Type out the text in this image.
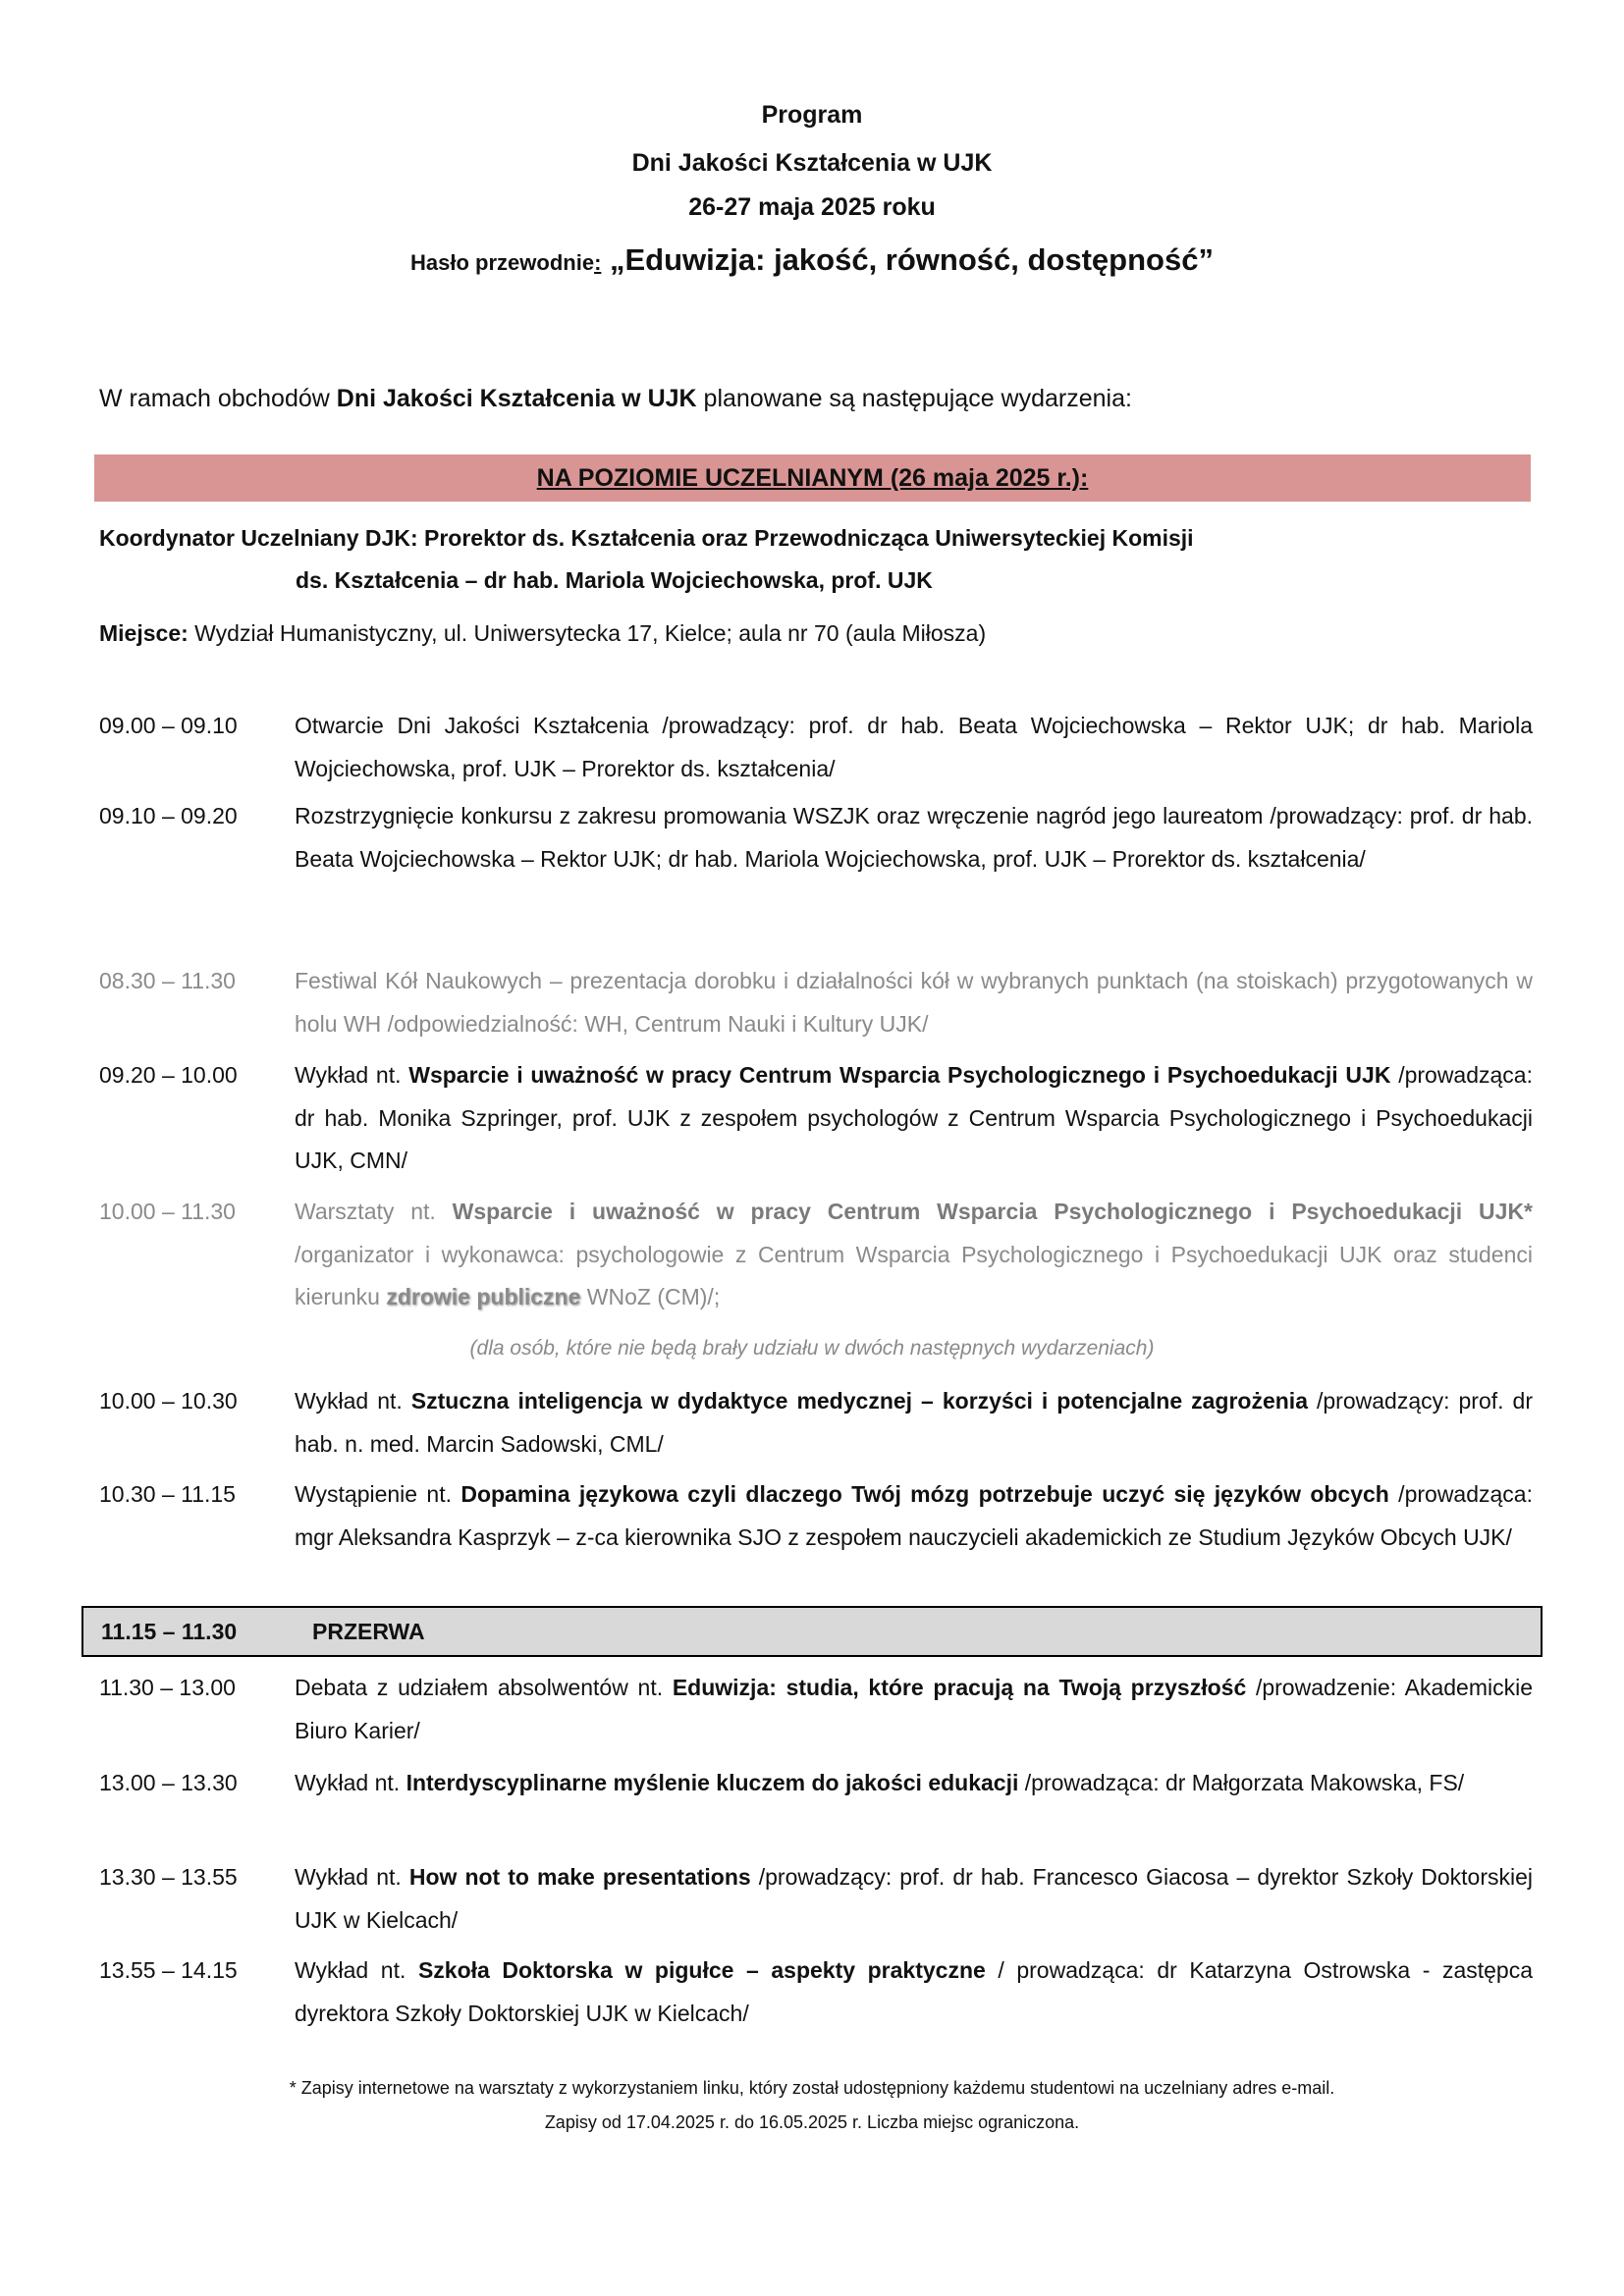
Program
Dni Jakości Kształcenia w UJK
26-27 maja 2025 roku
Hasło przewodnie: „Eduwizja: jakość, równość, dostępność”
W ramach obchodów Dni Jakości Kształcenia w UJK planowane są następujące wydarzenia:
NA POZIOMIE UCZELNIANYM (26 maja 2025 r.):
Koordynator Uczelniany DJK: Prorektor ds. Kształcenia oraz Przewodnicząca Uniwersyteckiej Komisji
ds. Kształcenia – dr hab. Mariola Wojciechowska, prof. UJK
Miejsce: Wydział Humanistyczny, ul. Uniwersytecka 17, Kielce; aula nr 70 (aula Miłosza)
09.00 – 09.10	Otwarcie Dni Jakości Kształcenia /prowadzący: prof. dr hab. Beata Wojciechowska – Rektor UJK; dr hab. Mariola Wojciechowska, prof. UJK – Prorektor ds. kształcenia/
09.10 – 09.20	Rozstrzygnięcie konkursu z zakresu promowania WSZJK oraz wręczenie nagród jego laureatom /prowadzący: prof. dr hab. Beata Wojciechowska – Rektor UJK; dr hab. Mariola Wojciechowska, prof. UJK – Prorektor ds. kształcenia/
08.30 – 11.30	Festiwal Kół Naukowych – prezentacja dorobku i działalności kół w wybranych punktach (na stoiskach) przygotowanych w holu WH /odpowiedzialność: WH, Centrum Nauki i Kultury UJK/
09.20 – 10.00	Wykład nt. Wsparcie i uważność w pracy Centrum Wsparcia Psychologicznego i Psychoedukacji UJK /prowadząca: dr hab. Monika Szpringer, prof. UJK z zespołem psychologów z Centrum Wsparcia Psychologicznego i Psychoedukacji UJK, CMN/
10.00 – 11.30	Warsztaty nt. Wsparcie i uważność w pracy Centrum Wsparcia Psychologicznego i Psychoedukacji UJK* /organizator i wykonawca: psychologowie z Centrum Wsparcia Psychologicznego i Psychoedukacji UJK oraz studenci kierunku zdrowie publiczne WNoZ (CM)/;
(dla osób, które nie będą brały udziału w dwóch następnych wydarzeniach)
10.00 – 10.30	Wykład nt. Sztuczna inteligencja w dydaktyce medycznej – korzyści i potencjalne zagrożenia /prowadzący: prof. dr hab. n. med. Marcin Sadowski, CML/
10.30 – 11.15	Wystąpienie nt. Dopamina językowa czyli dlaczego Twój mózg potrzebuje uczyć się języków obcych /prowadząca: mgr Aleksandra Kasprzyk – z-ca kierownika SJO z zespołem nauczycieli akademickich ze Studium Języków Obcych UJK/
11.15 – 11.30	PRZERWA
11.30 – 13.00	Debata z udziałem absolwentów nt. Eduwizja: studia, które pracują na Twoją przyszłość /prowadzenie: Akademickie Biuro Karier/
13.00 – 13.30	Wykład nt. Interdyscyplinarne myślenie kluczem do jakości edukacji /prowadząca: dr Małgorzata Makowska, FS/
13.30 – 13.55	Wykład nt. How not to make presentations /prowadzący: prof. dr hab. Francesco Giacosa – dyrektor Szkoły Doktorskiej UJK w Kielcach/
13.55 – 14.15	Wykład nt. Szkoła Doktorska w pigułce – aspekty praktyczne / prowadząca: dr Katarzyna Ostrowska - zastępca dyrektora Szkoły Doktorskiej UJK w Kielcach/
* Zapisy internetowe na warsztaty z wykorzystaniem linku, który został udostępniony każdemu studentowi na uczelniany adres e-mail.
Zapisy od 17.04.2025 r. do 16.05.2025 r. Liczba miejsc ograniczona.
